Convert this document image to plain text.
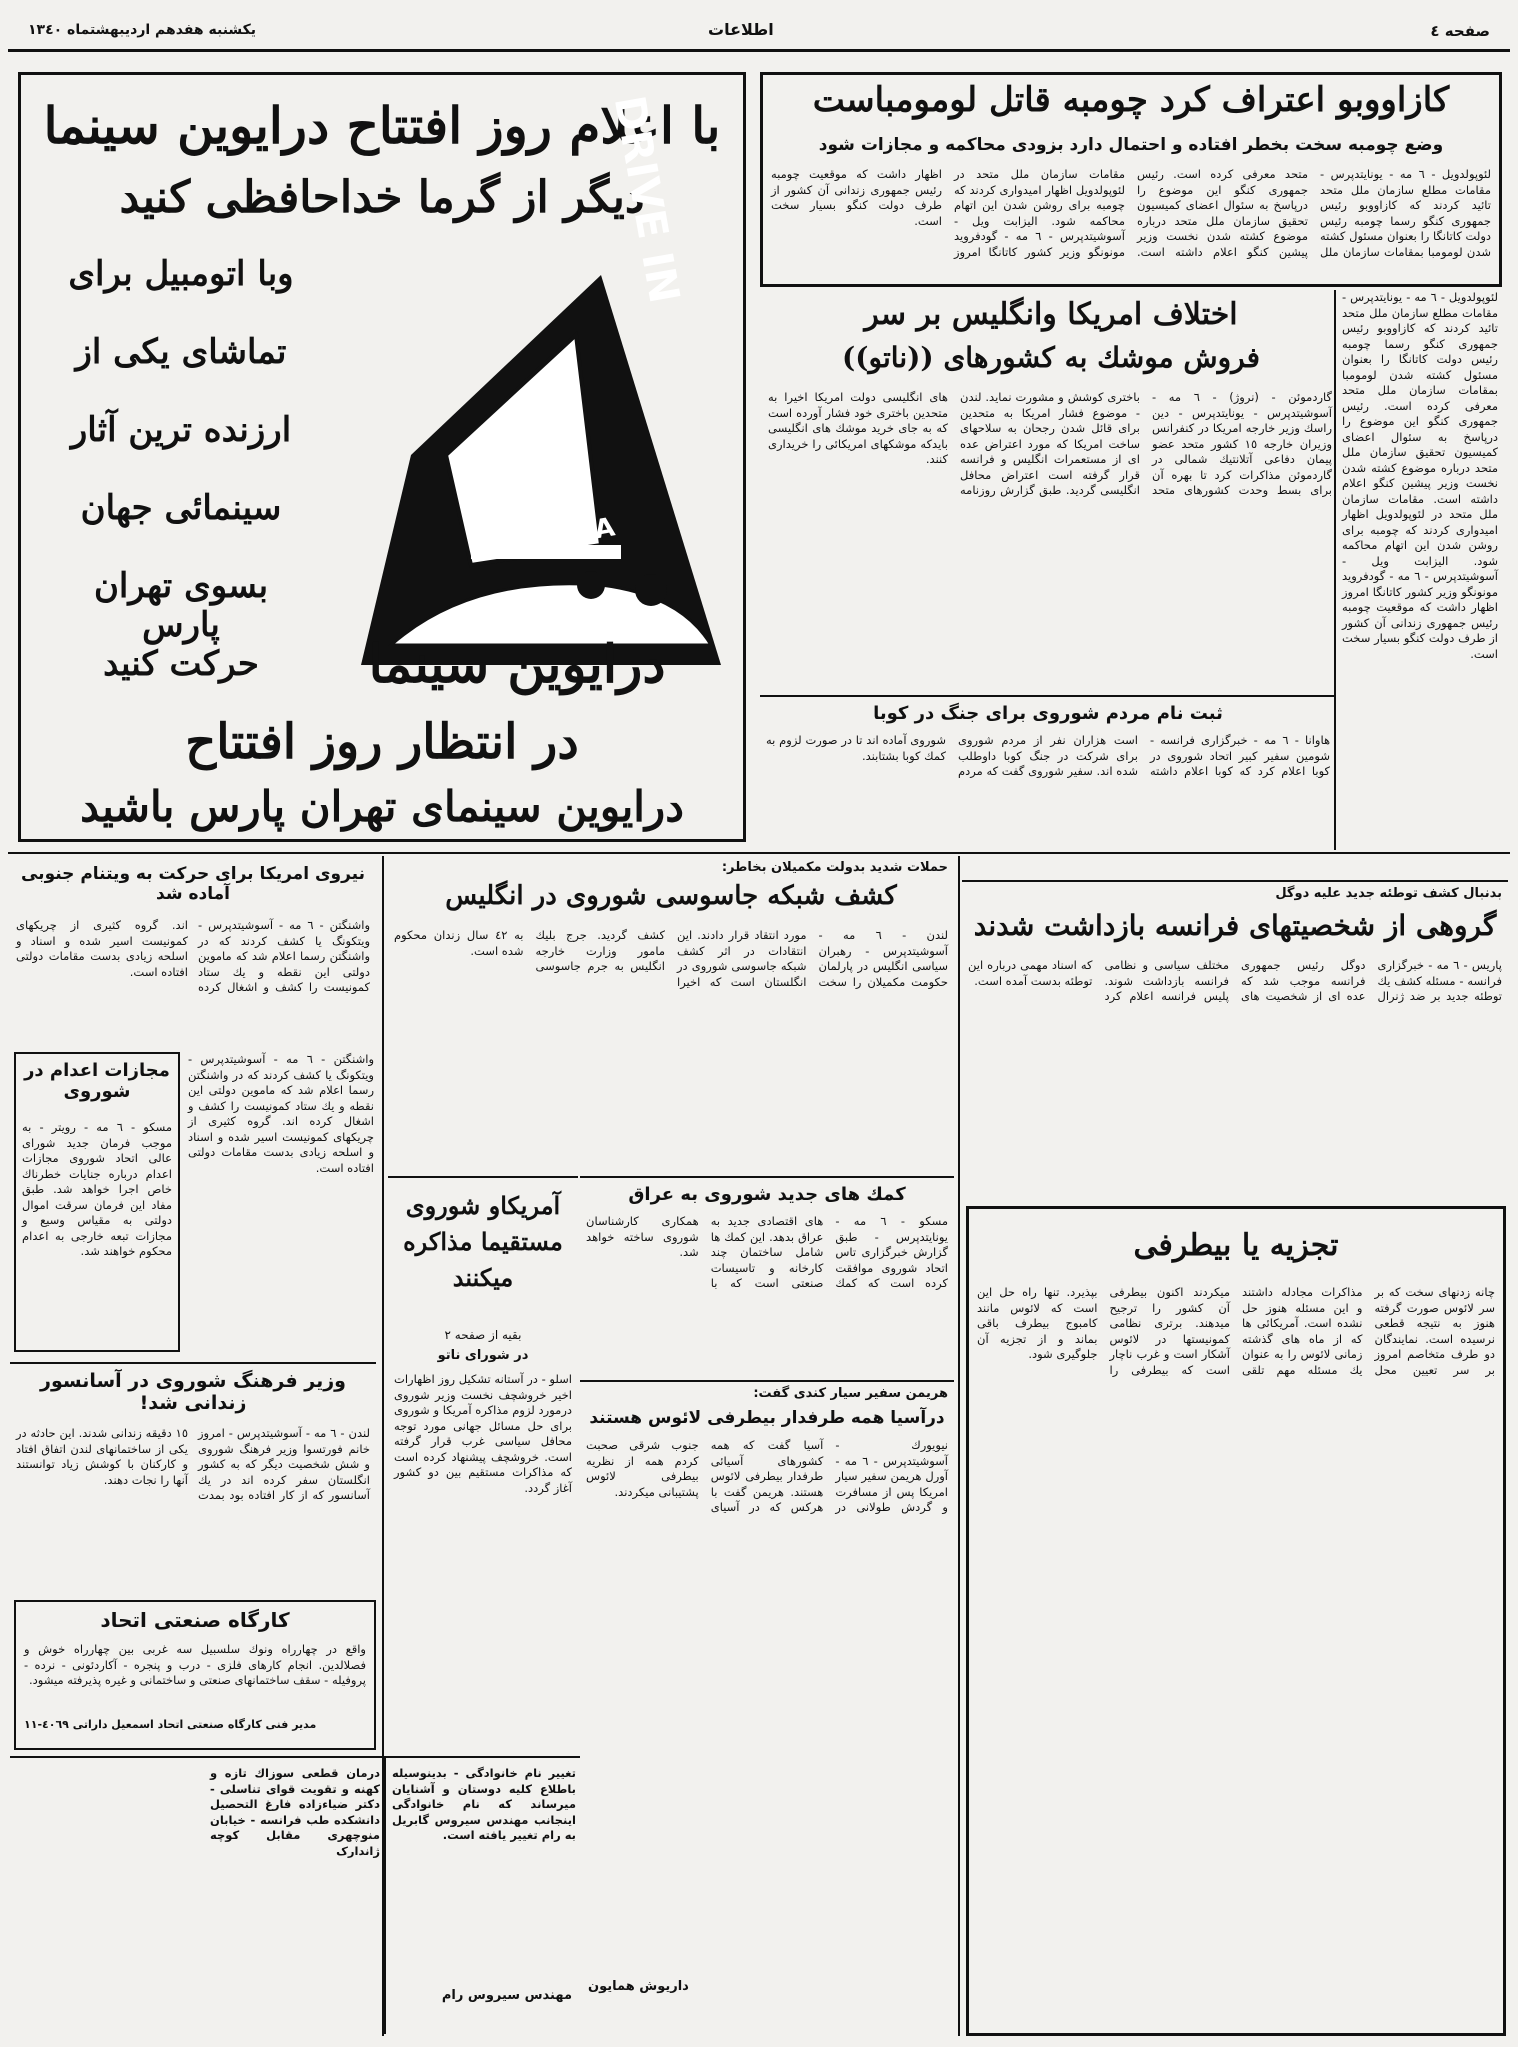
صفحه ٤
اطلاعات
یکشنبه هفدهم اردیبهشتماه ۱۳٤۰
با اعلام روز افتتاح درایوین سینما
دیگر از گرما خداحافظی کنید
وبا اتومبیل برای
تماشای یکی از
ارزنده ترین آثار
سینمائی جهان
بسوی تهران پارس
حرکت کنید
DRIVE IN
CINEMA
درایوین سینما
در انتظار روز افتتاح
درایوین سینمای تهران پارس باشید
کازاووبو اعتراف کرد چومبه قاتل لومومباست
وضع چومبه سخت بخطر افتاده و احتمال دارد بزودی محاکمه و مجازات شود
لئوپولدویل - ٦ مه - یونایتدپرس - مقامات مطلع سازمان ملل متحد تائید کردند که کازاووبو رئیس جمهوری کنگو رسما چومبه رئیس دولت کاتانگا را بعنوان مسئول کشته شدن لومومبا بمقامات سازمان ملل متحد معرفی کرده است. رئیس جمهوری کنگو این موضوع را درپاسخ به سئوال اعضای کمیسیون تحقیق سازمان ملل متحد درباره موضوع کشته شدن نخست وزیر پیشین کنگو اعلام داشته است. مقامات سازمان ملل متحد در لئوپولدویل اظهار امیدواری کردند که چومبه برای روشن شدن این اتهام محاکمه شود. الیزابت ویل - آسوشیتدپرس - ٦ مه - گودفروید مونونگو وزیر کشور کاتانگا امروز اظهار داشت که موقعیت چومبه رئیس جمهوری زندانی آن کشور از طرف دولت کنگو بسیار سخت است.
اختلاف امریکا وانگلیس بر سر
فروش موشك به کشورهای ((ناتو))
گاردموئن - (نروژ) - ٦ مه - آسوشیتدپرس - یونایتدپرس - دین راسك وزیر خارجه امریکا در کنفرانس وزیران خارجه ۱٥ کشور متحد عضو پیمان دفاعی آتلانتیك شمالی در گاردموئن مذاکرات کرد تا بهره آن برای بسط وحدت کشورهای متحد باختری کوشش و مشورت نماید. لندن - موضوع فشار امریکا به متحدین برای قائل شدن رجحان به سلاحهای ساخت امریکا که مورد اعتراض عده ای از مستعمرات انگلیس و فرانسه قرار گرفته است اعتراض محافل انگلیسی گردید. طبق گزارش روزنامه های انگلیسی دولت امریکا اخیرا به متحدین باختری خود فشار آورده است که به جای خرید موشك های انگلیسی بایدکه موشکهای امریکائی را خریداری کنند.
لئوپولدویل - ٦ مه - یونایتدپرس - مقامات مطلع سازمان ملل متحد تائید کردند که کازاووبو رئیس جمهوری کنگو رسما چومبه رئیس دولت کاتانگا را بعنوان مسئول کشته شدن لومومبا بمقامات سازمان ملل متحد معرفی کرده است. رئیس جمهوری کنگو این موضوع را درپاسخ به سئوال اعضای کمیسیون تحقیق سازمان ملل متحد درباره موضوع کشته شدن نخست وزیر پیشین کنگو اعلام داشته است. مقامات سازمان ملل متحد در لئوپولدویل اظهار امیدواری کردند که چومبه برای روشن شدن این اتهام محاکمه شود. الیزابت ویل - آسوشیتدپرس - ٦ مه - گودفروید مونونگو وزیر کشور کاتانگا امروز اظهار داشت که موقعیت چومبه رئیس جمهوری زندانی آن کشور از طرف دولت کنگو بسیار سخت است.
ثبت نام مردم شوروی برای جنگ در کوبا
هاوانا - ٦ مه - خبرگزاری فرانسه - شومین سفیر کبیر اتحاد شوروی در کوبا اعلام کرد که کوبا اعلام داشته است هزاران نفر از مردم شوروی برای شرکت در جنگ کوبا داوطلب شده اند. سفیر شوروی گفت که مردم شوروی آماده اند تا در صورت لزوم به کمك کوبا بشتابند.
نیروی امریکا برای حرکت به ویتنام جنوبی آماده شد
واشنگتن - ٦ مه - آسوشیتدپرس - ویتکونگ یا کشف کردند که در واشنگتن رسما اعلام شد که ماموین دولتی این نقطه و یك ستاد کمونیست را کشف و اشغال کرده اند. گروه کثیری از چریکهای کمونیست اسیر شده و اسناد و اسلحه زیادی بدست مقامات دولتی افتاده است.
مجازات اعدام در شوروی
مسکو - ٦ مه - رویتر - به موجب فرمان جدید شورای عالی اتحاد شوروی مجازات اعدام درباره جنایات خطرناك خاص اجرا خواهد شد. طبق مفاد این فرمان سرقت اموال دولتی به مقیاس وسیع و مجازات تبعه خارجی به اعدام محکوم خواهند شد.
واشنگتن - ٦ مه - آسوشیتدپرس - ویتکونگ یا کشف کردند که در واشنگتن رسما اعلام شد که ماموین دولتی این نقطه و یك ستاد کمونیست را کشف و اشغال کرده اند. گروه کثیری از چریکهای کمونیست اسیر شده و اسناد و اسلحه زیادی بدست مقامات دولتی افتاده است.
وزیر فرهنگ شوروی در آسانسور زندانی شد!
لندن - ٦ مه - آسوشیتدپرس - امروز خانم فورتسوا وزیر فرهنگ شوروی و شش شخصیت دیگر که به کشور انگلستان سفر کرده اند در یك آسانسور که از کار افتاده بود بمدت ۱٥ دقیقه زندانی شدند. این حادثه در یکی از ساختمانهای لندن اتفاق افتاد و کارکنان با کوشش زیاد توانستند آنها را نجات دهند.
کارگاه صنعتی اتحاد
واقع در چهارراه ونوك سلسبیل سه غربی بین چهارراه خوش و فصلالدین. انجام کارهای فلزی - درب و پنجره - آکاردئونی - نرده - پروفیله - سقف ساختمانهای صنعتی و ساختمانی و غیره پذیرفته میشود.
مدیر فنی کارگاه صنعتی اتحاد اسمعیل داراتی ٤٠٦۹-۱۱
حملات شدید بدولت مکمیلان بخاطر:
کشف شبکه جاسوسی شوروی در انگلیس
لندن - ٦ مه - آسوشیتدپرس - رهبران سیاسی انگلیس در پارلمان حکومت مکمیلان را سخت مورد انتقاد قرار دادند. این انتقادات در اثر کشف شبکه جاسوسی شوروی در انگلستان است که اخیرا کشف گردید. جرج بلیك مامور وزارت خارجه انگلیس به جرم جاسوسی به ٤۲ سال زندان محکوم شده است.
کمك های جدید شوروی به عراق
مسکو - ٦ مه - یونایتدپرس - طبق گزارش خبرگزاری تاس اتحاد شوروی موافقت کرده است که کمك های اقتصادی جدید به عراق بدهد. این کمك ها شامل ساختمان چند کارخانه و تاسیسات صنعتی است که با همکاری کارشناسان شوروی ساخته خواهد شد.
آمریکاو شوروی مستقیما مذاکره میکنند
بقیه از صفحه ۲
در شورای ناتو
اسلو - در آستانه تشکیل روز اظهارات اخیر خروشچف نخست وزیر شوروی درمورد لزوم مذاکره آمریکا و شوروی برای حل مسائل جهانی مورد توجه محافل سیاسی غرب قرار گرفته است. خروشچف پیشنهاد کرده است که مذاکرات مستقیم بین دو کشور آغاز گردد.
هریمن سفیر سیار کندی گفت:
درآسیا همه طرفدار بیطرفی لائوس هستند
نیویورك - آسوشیتدپرس - ٦ مه - آورل هریمن سفیر سیار امریکا پس از مسافرت و گردش طولانی در آسیا گفت که همه کشورهای آسیائی طرفدار بیطرفی لائوس هستند. هریمن گفت با هرکس که در آسیای جنوب شرقی صحبت کردم همه از نظریه بیطرفی لائوس پشتیبانی میکردند.
داریوش همایون
بدنبال کشف توطئه جدید علیه دوگل
گروهی از شخصیتهای فرانسه بازداشت شدند
پاریس - ٦ مه - خبرگزاری فرانسه - مسئله کشف یك توطئه جدید بر ضد ژنرال دوگل رئیس جمهوری فرانسه موجب شد که عده ای از شخصیت های مختلف سیاسی و نظامی فرانسه بازداشت شوند. پلیس فرانسه اعلام کرد که اسناد مهمی درباره این توطئه بدست آمده است.
تجزیه یا بیطرفی
چانه زدنهای سخت که بر سر لائوس صورت گرفته هنوز به نتیجه قطعی نرسیده است. نمایندگان دو طرف متخاصم امروز بر سر تعیین محل مذاکرات مجادله داشتند و این مسئله هنوز حل نشده است. آمریکائی ها که از ماه های گذشته زمانی لائوس را به عنوان یك مسئله مهم تلقی میکردند اکنون بیطرفی آن کشور را ترجیح میدهند. برتری نظامی کمونیستها در لائوس آشکار است و غرب ناچار است که بیطرفی را بپذیرد. تنها راه حل این است که لائوس مانند کامبوج بیطرف باقی بماند و از تجزیه آن جلوگیری شود.
تغییر نام خانوادگی - بدینوسیله باطلاع کلیه دوستان و آشنایان میرساند که نام خانوادگی اینجانب مهندس سیروس گابریل به رام تغییر یافته است.
مهندس سیروس رام
درمان قطعی سوزاك تازه و کهنه و تقویت قوای تناسلی - دکتر ضیاءزاده فارغ التحصیل دانشکده طب فرانسه - خیابان منوچهری مقابل کوچه ژاندارک
